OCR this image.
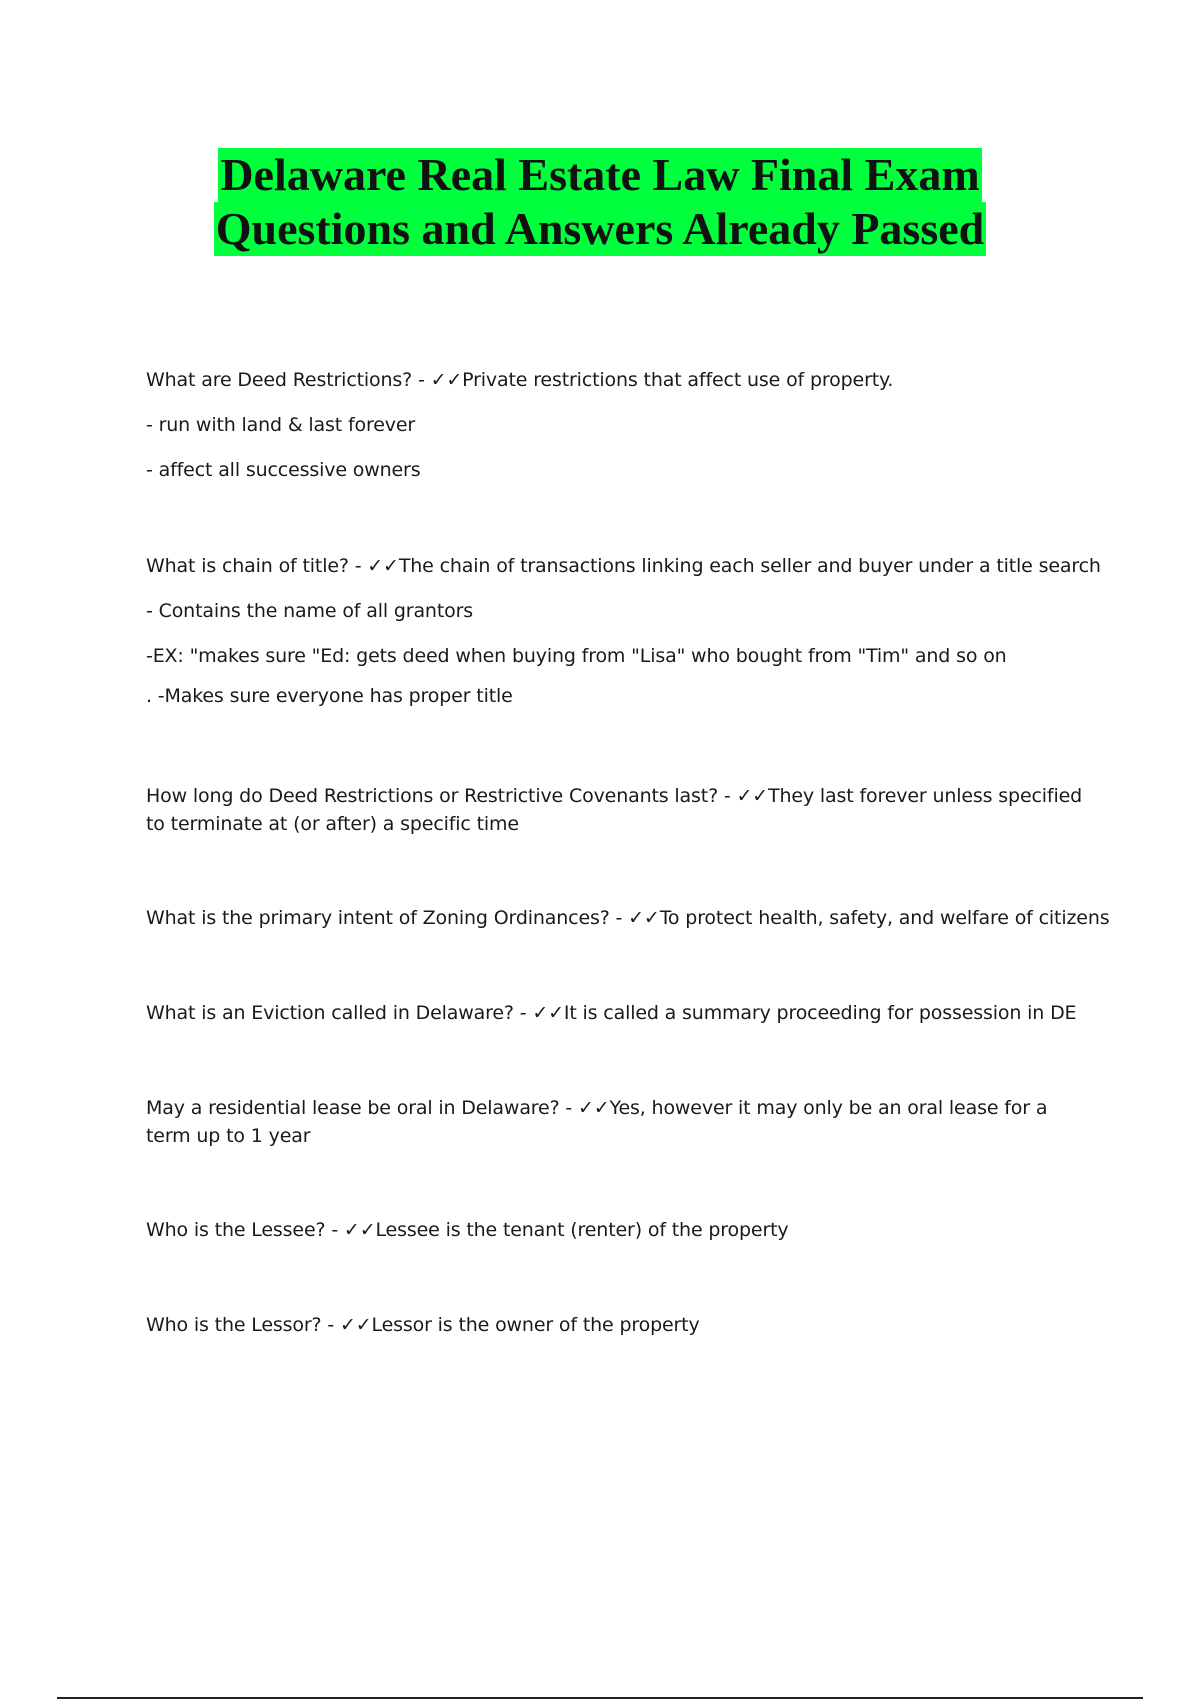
Delaware Real Estate Law Final Exam
Questions and Answers Already Passed

What are Deed Restrictions? - ✓✓Private restrictions that affect use of property.

- run with land & last forever

- affect all successive owners

What is chain of title? - ✓✓The chain of transactions linking each seller and buyer under a title search

- Contains the name of all grantors

-EX: "makes sure "Ed: gets deed when buying from "Lisa" who bought from "Tim" and so on

. -Makes sure everyone has proper title

How long do Deed Restrictions or Restrictive Covenants last? - ✓✓They last forever unless specified
to terminate at (or after) a specific time

What is the primary intent of Zoning Ordinances? - ✓✓To protect health, safety, and welfare of citizens

What is an Eviction called in Delaware? - ✓✓It is called a summary proceeding for possession in DE

May a residential lease be oral in Delaware? - ✓✓Yes, however it may only be an oral lease for a
term up to 1 year

Who is the Lessee? - ✓✓Lessee is the tenant (renter) of the property

Who is the Lessor? - ✓✓Lessor is the owner of the property
